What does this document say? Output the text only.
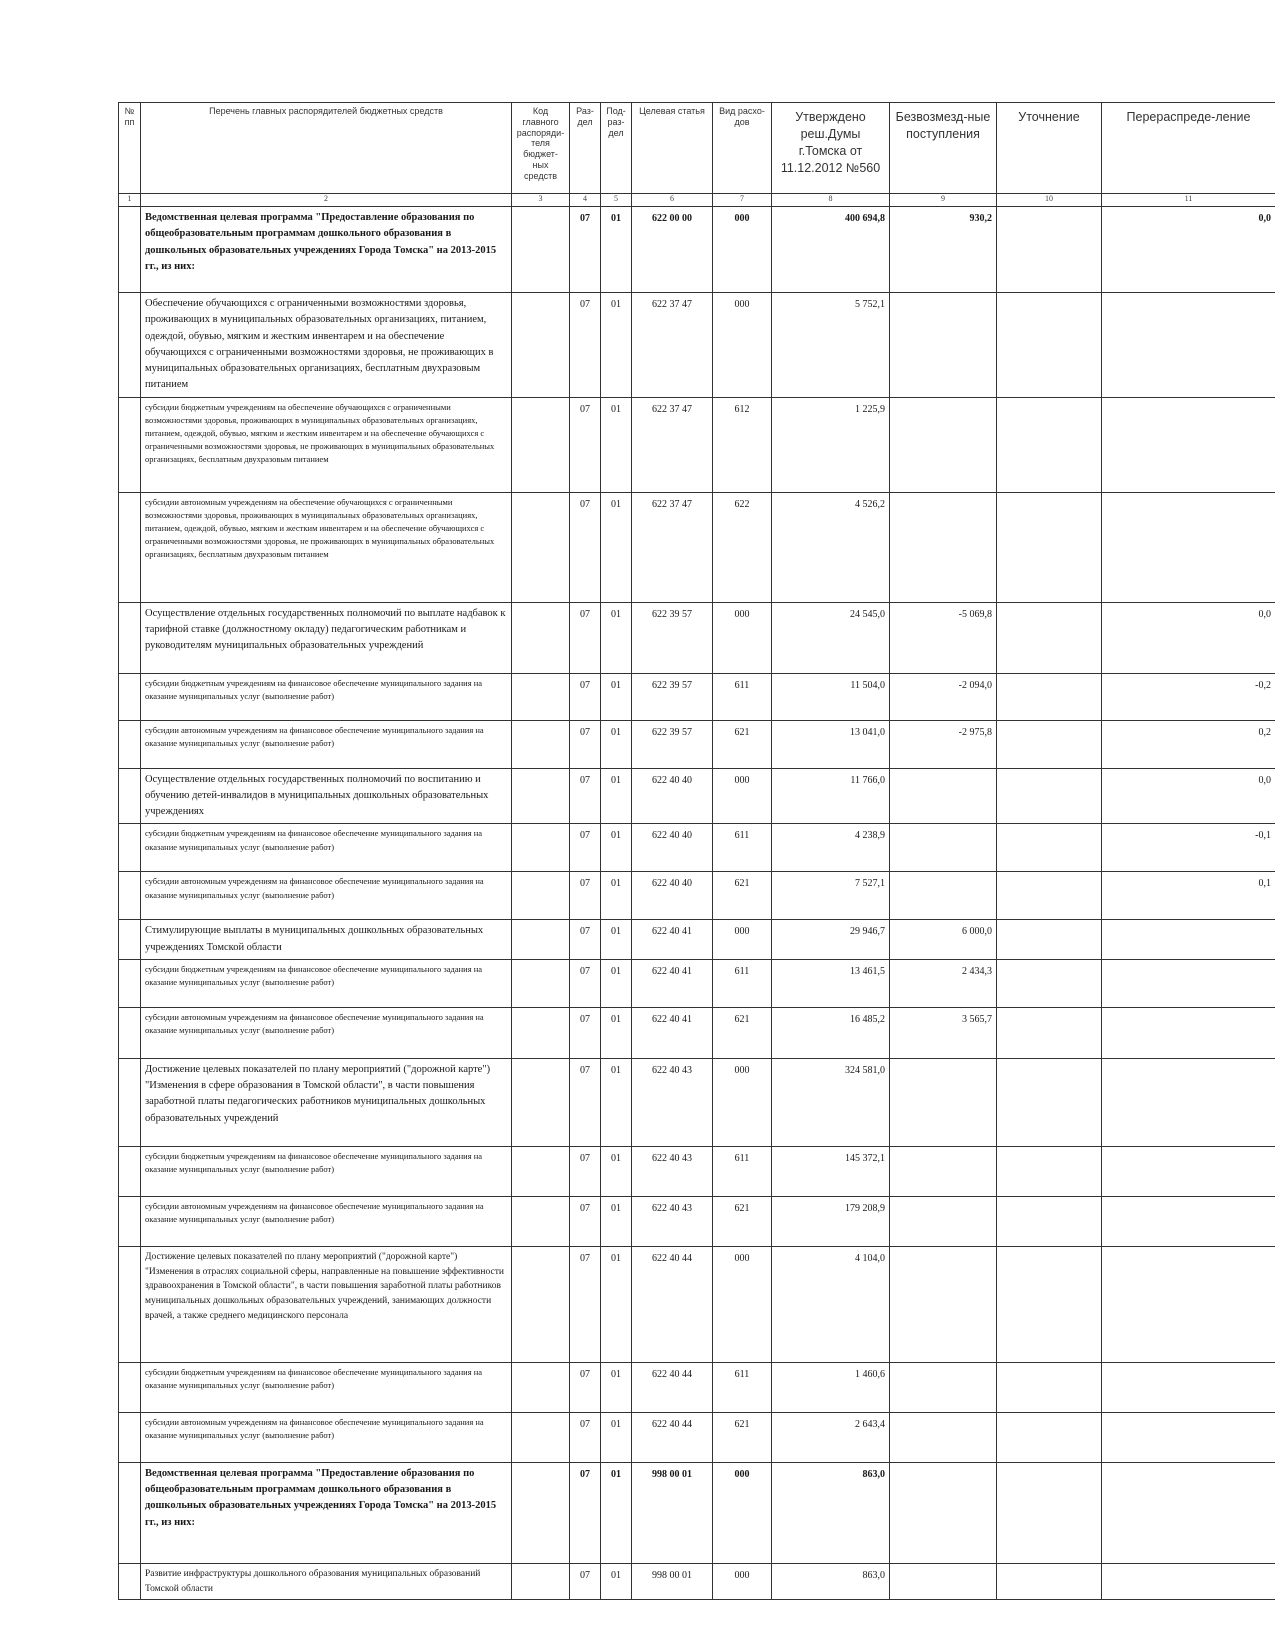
№ пп	Перечень главных распорядителей бюджетных средств	Код главного распоряди-теля бюджет-ных средств	Раз-дел	Под-раз-дел	Целевая статья	Вид расхо-дов	Утверждено реш.Думы г.Томска от 11.12.2012 №560	Безвозмезд-ные поступления	Уточнение	Перераспреде-ление
1	2	3	4	5	6	7	8	9	10	11
	Ведомственная целевая программа "Предоставление образования по общеобразовательным программам дошкольного образования в дошкольных образовательных учреждениях Города Томска" на 2013-2015 гг., из них:		07	01	622 00 00	000	400 694,8	930,2		0,0
	Обеспечение обучающихся с ограниченными возможностями здоровья, проживающих в муниципальных образовательных организациях, питанием, одеждой, обувью, мягким и жестким инвентарем и на обеспечение обучающихся с ограниченными возможностями здоровья, не проживающих в муниципальных образовательных организациях, бесплатным двухразовым питанием		07	01	622 37 47	000	5 752,1			
	субсидии бюджетным учреждениям на обеспечение обучающихся с ограниченными возможностями здоровья, проживающих в муниципальных образовательных организациях, питанием, одеждой, обувью, мягким и жестким инвентарем и на обеспечение обучающихся с ограниченными возможностями здоровья, не проживающих в муниципальных образовательных организациях, бесплатным двухразовым питанием		07	01	622 37 47	612	1 225,9			
	субсидии автономным учреждениям на обеспечение обучающихся с ограниченными возможностями здоровья, проживающих в муниципальных образовательных организациях, питанием, одеждой, обувью, мягким и жестким инвентарем и на обеспечение обучающихся с ограниченными возможностями здоровья, не проживающих в муниципальных образовательных организациях, бесплатным двухразовым питанием		07	01	622 37 47	622	4 526,2			
	Осуществление отдельных государственных полномочий по выплате надбавок к тарифной ставке (должностному окладу) педагогическим работникам и руководителям муниципальных образовательных учреждений		07	01	622 39 57	000	24 545,0	-5 069,8		0,0
	субсидии бюджетным учреждениям на финансовое обеспечение муниципального задания на оказание муниципальных услуг (выполнение работ)		07	01	622 39 57	611	11 504,0	-2 094,0		-0,2
	субсидии автономным учреждениям на финансовое обеспечение муниципального задания на оказание муниципальных услуг (выполнение работ)		07	01	622 39 57	621	13 041,0	-2 975,8		0,2
	Осуществление отдельных государственных полномочий по воспитанию и обучению детей-инвалидов в муниципальных дошкольных образовательных учреждениях		07	01	622 40 40	000	11 766,0			0,0
	субсидии бюджетным учреждениям на финансовое обеспечение муниципального задания на оказание муниципальных услуг (выполнение работ)		07	01	622 40 40	611	4 238,9			-0,1
	субсидии автономным учреждениям на финансовое обеспечение муниципального задания на оказание муниципальных услуг (выполнение работ)		07	01	622 40 40	621	7 527,1			0,1
	Стимулирующие выплаты в муниципальных дошкольных образовательных учреждениях Томской области		07	01	622 40 41	000	29 946,7	6 000,0		
	субсидии бюджетным учреждениям на финансовое обеспечение муниципального задания на оказание муниципальных услуг (выполнение работ)		07	01	622 40 41	611	13 461,5	2 434,3		
	субсидии автономным учреждениям на финансовое обеспечение муниципального задания на оказание муниципальных услуг (выполнение работ)		07	01	622 40 41	621	16 485,2	3 565,7		
	Достижение целевых показателей по плану мероприятий ("дорожной карте") "Изменения в сфере образования в Томской области", в части повышения заработной платы педагогических работников муниципальных дошкольных образовательных учреждений		07	01	622 40 43	000	324 581,0			
	субсидии бюджетным учреждениям на финансовое обеспечение муниципального задания на оказание муниципальных услуг (выполнение работ)		07	01	622 40 43	611	145 372,1			
	субсидии автономным учреждениям на финансовое обеспечение муниципального задания на оказание муниципальных услуг (выполнение работ)		07	01	622 40 43	621	179 208,9			
	Достижение целевых показателей по плану мероприятий ("дорожной карте") "Изменения в отраслях социальной сферы, направленные на повышение эффективности здравоохранения в Томской области", в части повышения заработной платы работников муниципальных дошкольных образовательных учреждений, занимающих должности врачей, а также среднего медицинского персонала		07	01	622 40 44	000	4 104,0			
	субсидии бюджетным учреждениям на финансовое обеспечение муниципального задания на оказание муниципальных услуг (выполнение работ)		07	01	622 40 44	611	1 460,6			
	субсидии автономным учреждениям на финансовое обеспечение муниципального задания на оказание муниципальных услуг (выполнение работ)		07	01	622 40 44	621	2 643,4			
	Ведомственная целевая программа "Предоставление образования по общеобразовательным программам дошкольного образования в дошкольных образовательных учреждениях Города Томска" на 2013-2015 гг., из них:		07	01	998 00 01	000	863,0			
	Развитие инфраструктуры дошкольного образования муниципальных образований Томской области		07	01	998 00 01	000	863,0			
